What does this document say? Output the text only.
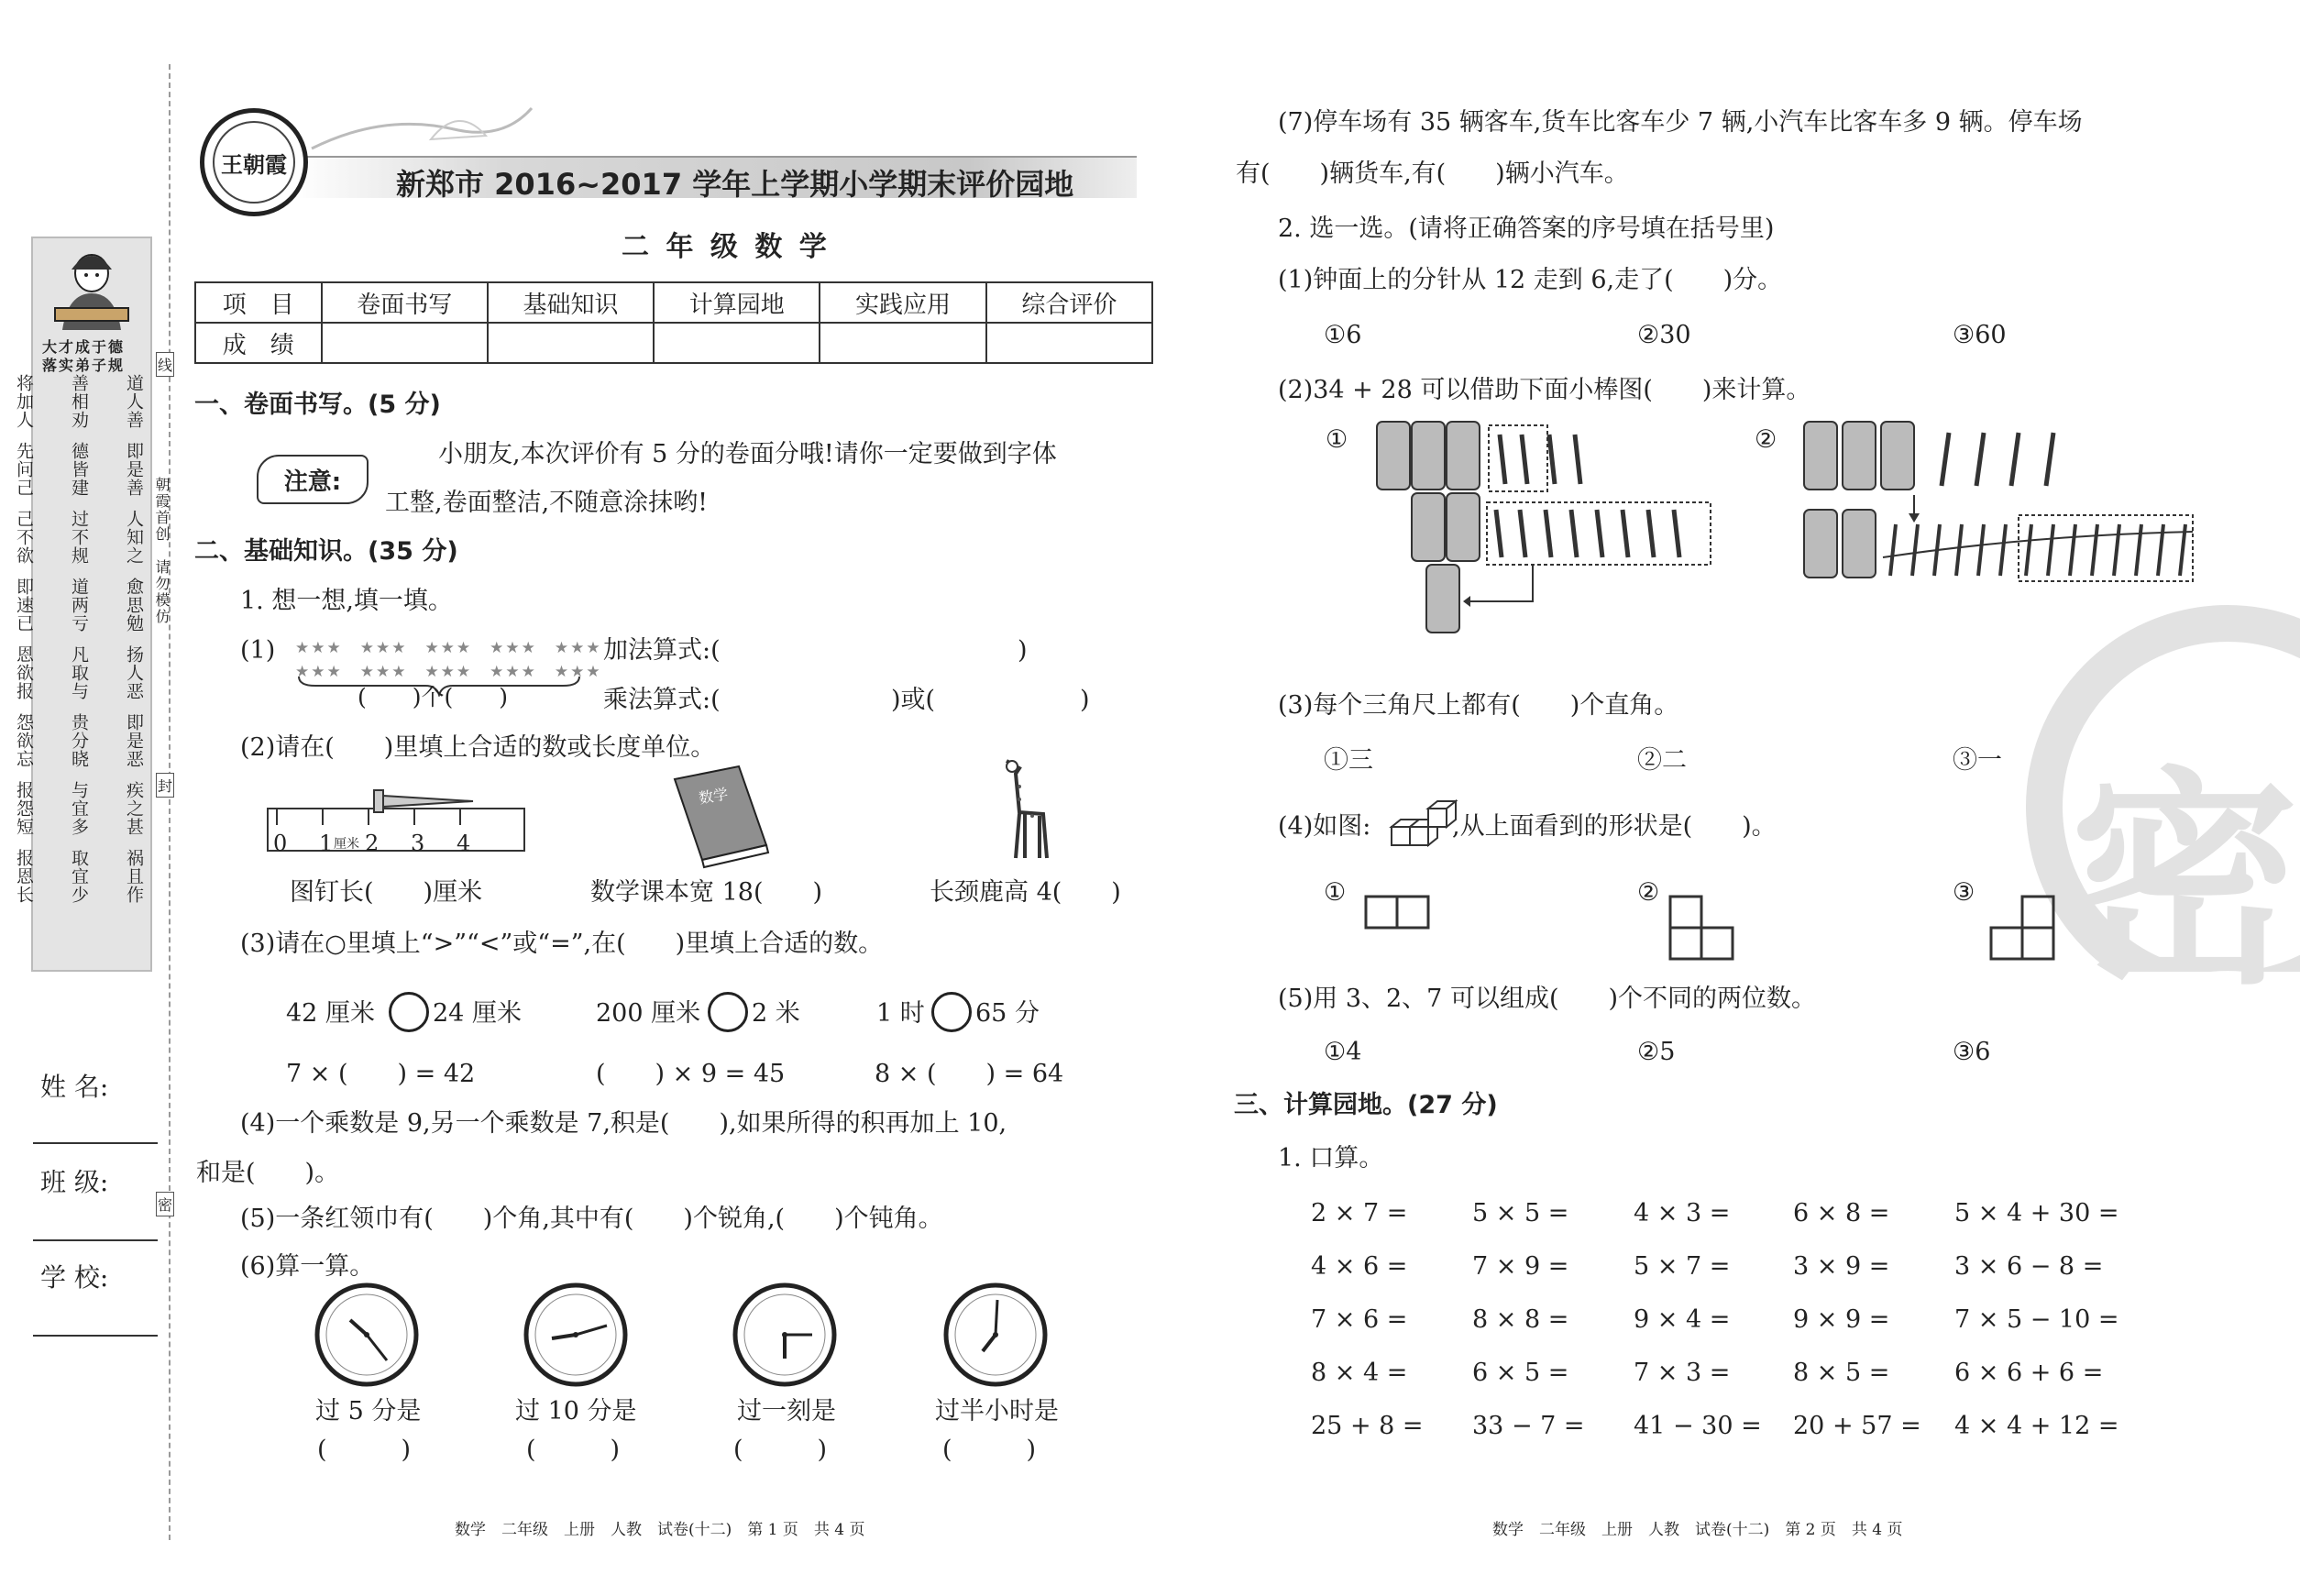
大才成于德
落实弟子规
道人善
即是善
人知之
愈思勉
扬人恶
即是恶
疾之甚
祸且作
善相劝
德皆建
过不规
道两亏
凡取与
贵分晓
与宜多
取宜少
将加人
先问己
己不欲
即速已
恩欲报
怨欲忘
报怨短
报恩长
朝霞首创　请勿模仿
线
封
密
姓 名:
班 级:
学 校:
王朝霞
新郑市 2016~2017 学年上学期小学期末评价园地
二 年 级 数 学
项　目	卷面书写	基础知识	计算园地	实践应用	综合评价
成　绩					
一、卷面书写。(5 分)
注意:
小朋友,本次评价有 5 分的卷面分哦!请你一定要做到字体
工整,卷面整洁,不随意涂抹哟!
二、基础知识。(35 分)
1. 想一想,填一填。
(1) ★★★　★★★　★★★　★★★　★★★
★★★　★★★　★★★　★★★　★★★
(　　)个(　　)
加法算式:(	)
乘法算式:(	)或(	)
(2)请在(　　)里填上合适的数或长度单位。
0 1 厘米 2 3 4
数学
图钉长(　　)厘米	数学课本宽 18(　　)	长颈鹿高 4(　　)
(3)请在○里填上“>”“<”或“=”,在(　　)里填上合适的数。
42 厘米 24 厘米	200 厘米 2 米	1 时 65 分
7 × (　　) = 42	(　　) × 9 = 45	8 × (　　) = 64
(4)一个乘数是 9,另一个乘数是 7,积是(　　),如果所得的积再加上 10,
和是(　　)。
(5)一条红领巾有(　　)个角,其中有(　　)个锐角,(　　)个钝角。
(6)算一算。
过 5 分是	过 10 分是	过一刻是	过半小时是
(　　　)	(　　　)	(　　　)	(　　　)
数学　二年级　上册　人教　试卷(十二)　第 1 页　共 4 页
密
(7)停车场有 35 辆客车,货车比客车少 7 辆,小汽车比客车多 9 辆。停车场
有(　　)辆货车,有(　　)辆小汽车。
2. 选一选。(请将正确答案的序号填在括号里)
(1)钟面上的分针从 12 走到 6,走了(　　)分。
①6	②30	③60
(2)34 + 28 可以借助下面小棒图(　　)来计算。
①	②
(3)每个三角尺上都有(　　)个直角。
①三	②二	③一
(4)如图:	,从上面看到的形状是(　　)。
①	②	③
(5)用 3、2、7 可以组成(　　)个不同的两位数。
①4	②5	③6
三、计算园地。(27 分)
1. 口算。
2 × 7 =	5 × 5 =	4 × 3 =	6 × 8 =	5 × 4 + 30 =
4 × 6 =	7 × 9 =	5 × 7 =	3 × 9 =	3 × 6 − 8 =
7 × 6 =	8 × 8 =	9 × 4 =	9 × 9 =	7 × 5 − 10 =
8 × 4 =	6 × 5 =	7 × 3 =	8 × 5 =	6 × 6 + 6 =
25 + 8 = 33 − 7 = 41 − 30 = 20 + 57 = 4 × 4 + 12 =
数学　二年级　上册　人教　试卷(十二)　第 2 页　共 4 页
